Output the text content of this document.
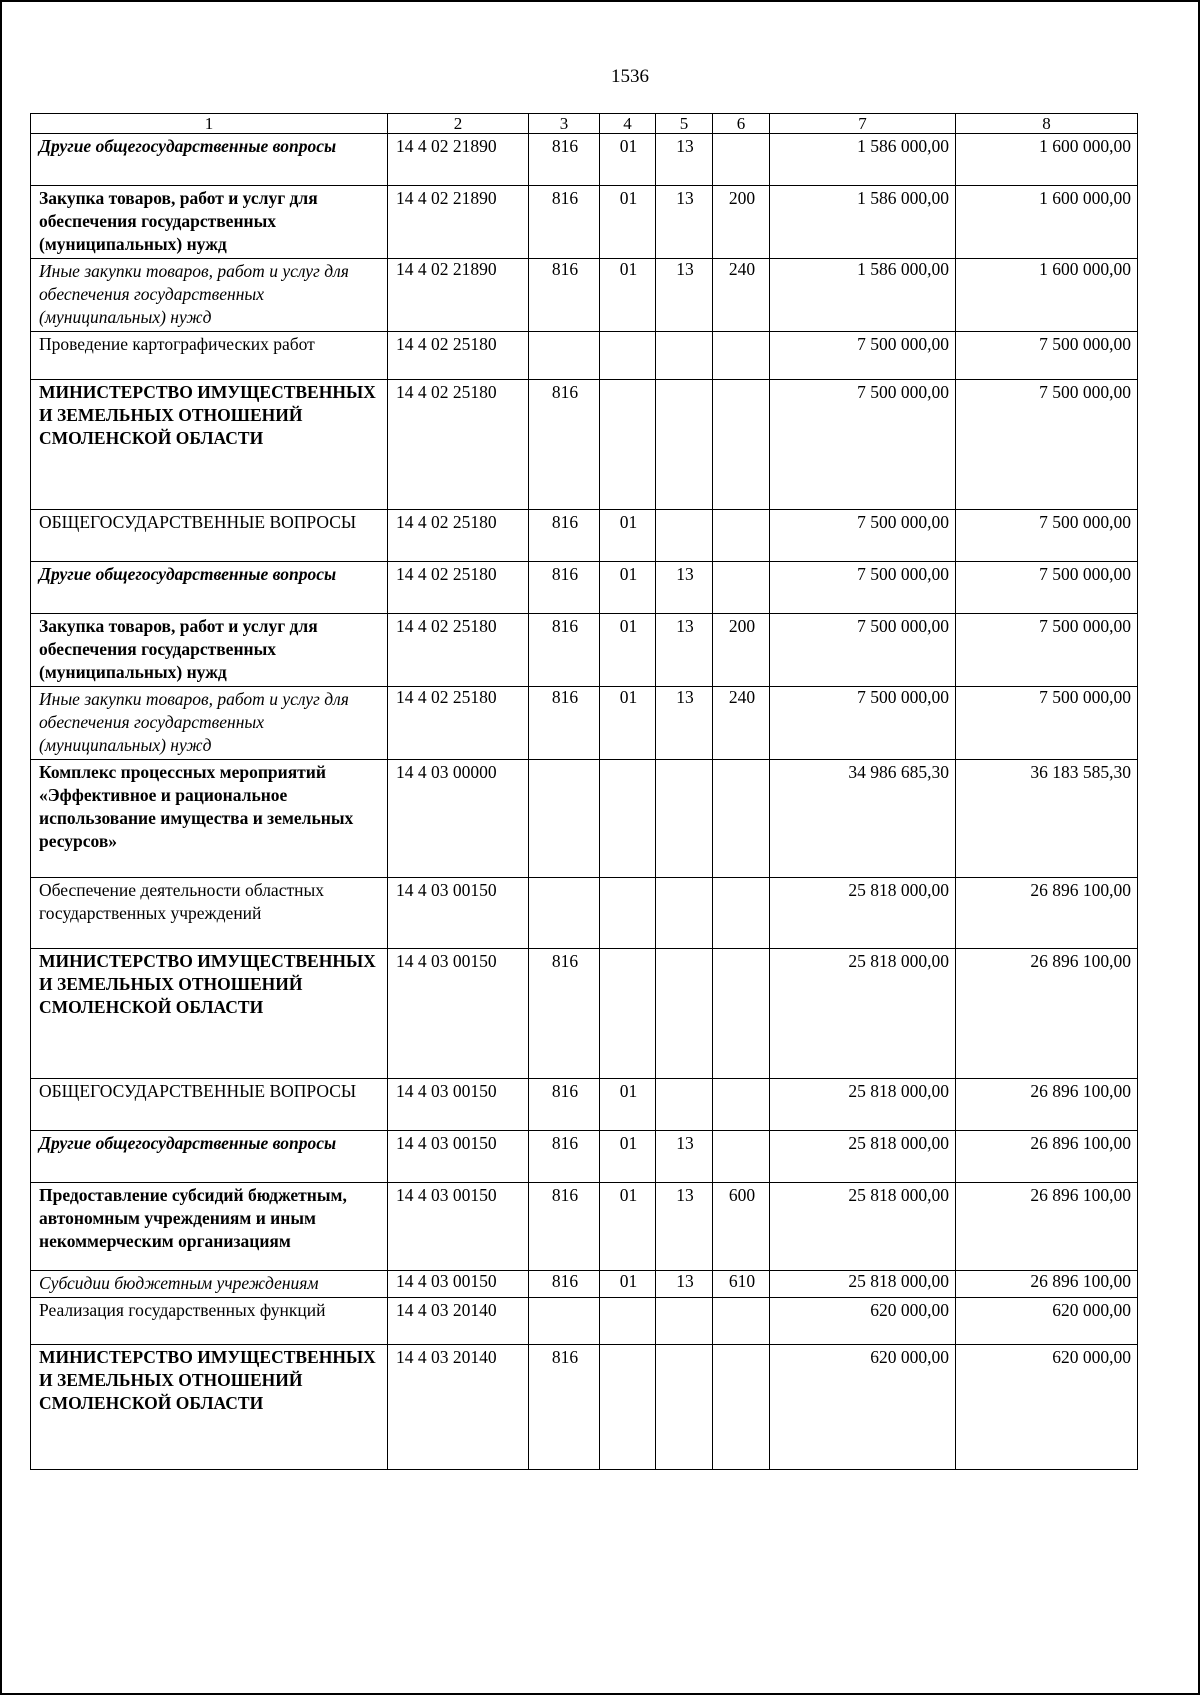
1536
1	2	3	4	5	6	7	8
Другие общегосударственные вопросы	14 4 02 21890	816	01	13		1 586 000,00	1 600 000,00
Закупка товаров, работ и услуг для обеспечения государственных (муниципальных) нужд	14 4 02 21890	816	01	13	200	1 586 000,00	1 600 000,00
Иные закупки товаров, работ и услуг для обеспечения государственных (муниципальных) нужд	14 4 02 21890	816	01	13	240	1 586 000,00	1 600 000,00
Проведение картографических работ	14 4 02 25180					7 500 000,00	7 500 000,00
МИНИСТЕРСТВО ИМУЩЕСТВЕННЫХ И ЗЕМЕЛЬНЫХ ОТНОШЕНИЙ СМОЛЕНСКОЙ ОБЛАСТИ	14 4 02 25180	816				7 500 000,00	7 500 000,00
ОБЩЕГОСУДАРСТВЕННЫЕ ВОПРОСЫ	14 4 02 25180	816	01			7 500 000,00	7 500 000,00
Другие общегосударственные вопросы	14 4 02 25180	816	01	13		7 500 000,00	7 500 000,00
Закупка товаров, работ и услуг для обеспечения государственных (муниципальных) нужд	14 4 02 25180	816	01	13	200	7 500 000,00	7 500 000,00
Иные закупки товаров, работ и услуг для обеспечения государственных (муниципальных) нужд	14 4 02 25180	816	01	13	240	7 500 000,00	7 500 000,00
Комплекс процессных мероприятий «Эффективное и рациональное использование имущества и земельных ресурсов»	14 4 03 00000					34 986 685,30	36 183 585,30
Обеспечение деятельности областных государственных учреждений	14 4 03 00150					25 818 000,00	26 896 100,00
МИНИСТЕРСТВО ИМУЩЕСТВЕННЫХ И ЗЕМЕЛЬНЫХ ОТНОШЕНИЙ СМОЛЕНСКОЙ ОБЛАСТИ	14 4 03 00150	816				25 818 000,00	26 896 100,00
ОБЩЕГОСУДАРСТВЕННЫЕ ВОПРОСЫ	14 4 03 00150	816	01			25 818 000,00	26 896 100,00
Другие общегосударственные вопросы	14 4 03 00150	816	01	13		25 818 000,00	26 896 100,00
Предоставление субсидий бюджетным, автономным учреждениям и иным некоммерческим организациям	14 4 03 00150	816	01	13	600	25 818 000,00	26 896 100,00
Субсидии бюджетным учреждениям	14 4 03 00150	816	01	13	610	25 818 000,00	26 896 100,00
Реализация государственных функций	14 4 03 20140					620 000,00	620 000,00
МИНИСТЕРСТВО ИМУЩЕСТВЕННЫХ И ЗЕМЕЛЬНЫХ ОТНОШЕНИЙ СМОЛЕНСКОЙ ОБЛАСТИ	14 4 03 20140	816				620 000,00	620 000,00
